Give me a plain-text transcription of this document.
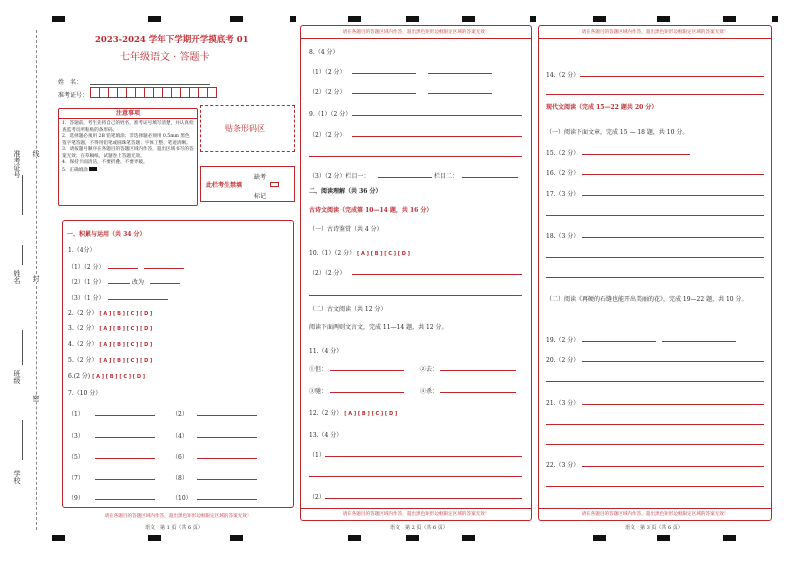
准考证号 线
姓名 封
班级
密
学校
2023-2024 学年下学期开学摸底考 01
七年级语文 · 答题卡
姓　名：
准考证号：
注意事项
1．答题前，考生先将自己的姓名，准考证号填写清楚，并认真检查监考员所粘贴的条形码。
2．选择题必须用 2B 铅笔填涂；非选择题必须用 0.5mm 黑色签字笔答题，不得用铅笔或圆珠笔答题；字体工整、笔迹清晰。
3．请按题号顺序在各题目的答题区域内作答，超出区域书写的答案无效；在草稿纸、试题卷上答题无效。
4．保持卡面清洁，不要折叠、不要弄破。
5．正确填涂
贴条形码区
此栏考生禁填
缺考
标记
一、积累与运用（共 34 分）
1.（4分）
（1）（2 分）
（2）（1 分）	改为
（3）（1 分）
2.（2 分） [ A ] [ B ] [ C ] [ D ]
3.（2 分） [ A ] [ B ] [ C ] [ D ]
4.（2 分） [ A ] [ B ] [ C ] [ D ]
5.（2 分） [ A ] [ B ] [ C ] [ D ]
6.(2 分) [ A ] [ B ] [ C ] [ D ]
7.（10 分）
（1）	（2）
（3）	（4）
（5）	（6）
（7）	（8）
（9）	（10）
请在各题目的答题区域内作答，超出黑色矩形边框限定区域的答案无效！
语文　第 1 页（共 6 页）
请在各题目的答题区域内作答，超出黑色矩形边框限定区域的答案无效！
8.（4 分）
（1）（2 分）
（2）（2 分）
9.（1）（2 分）
（2）（2 分）
（3）（2 分）栏目一：	栏目二：
二、阅读理解（共 36 分）
古诗文阅读（完成第 10—14 题，共 16 分）
（一）古诗鉴赏（共 4 分）
10.（1）（2 分） [ A ] [ B ] [ C ] [ D ]
（2）（2 分）
（二）古文阅读（共 12 分）
阅读下面两则文言文，完成 11—14 题，共 12 分。
11.（4 分）
①但：	②去：
③驰：	④杀：
12.（2 分） [ A ] [ B ] [ C ] [ D ]
13.（4 分）
（1）
（2）
请在各题目的答题区域内作答，超出黑色矩形边框限定区域的答案无效！
语文　第 2 页（共 6 页）
请在各题目的答题区域内作答，超出黑色矩形边框限定区域的答案无效！
14.（2 分）
现代文阅读（完成 15—22 题共 20 分）
（一）阅读下面文章，完成 15 — 18 题，共 10 分。
15.（2 分）
16.（2 分）
17.（3 分）
18.（3 分）
（二）阅读《再硬的石缝也能开出美丽的花》，完成 19—22 题，共 10 分。
19.（2 分）
20.（2 分）
21.（3 分）
22.（3 分）
请在各题目的答题区域内作答，超出黑色矩形边框限定区域的答案无效！
语文　第 3 页（共 6 页）
